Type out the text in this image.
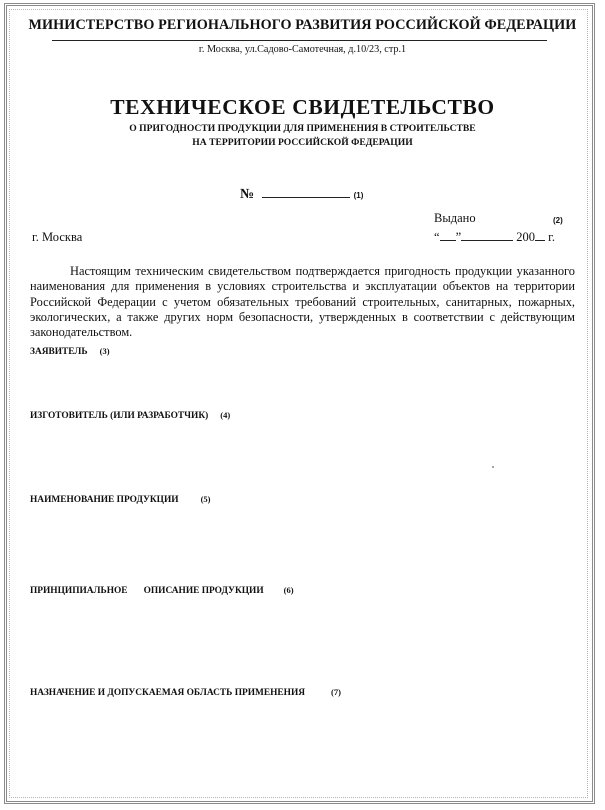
МИНИСТЕРСТВО РЕГИОНАЛЬНОГО РАЗВИТИЯ РОССИЙСКОЙ ФЕДЕРАЦИИ
г. Москва, ул.Садово-Самотечная, д.10/23, стр.1
ТЕХНИЧЕСКОЕ СВИДЕТЕЛЬСТВО
О ПРИГОДНОСТИ ПРОДУКЦИИ ДЛЯ ПРИМЕНЕНИЯ В СТРОИТЕЛЬСТВЕ
НА ТЕРРИТОРИИ РОССИЙСКОЙ ФЕДЕРАЦИИ
№	(1)
Выдано	(2)
г. Москва	“ ”	200 г.
Настоящим техническим свидетельством подтверждается пригодность продукции указанного наименования для применения в условиях строительства и эксплуатации объектов на территории Российской Федерации с учетом обязательных требований строительных, санитарных, пожарных, экологических, а также других норм безопасности, утвержденных в соответствии с действующим законодательством.
ЗАЯВИТЕЛЬ (3)
ИЗГОТОВИТЕЛЬ (ИЛИ РАЗРАБОТЧИК) (4)
НАИМЕНОВАНИЕ ПРОДУКЦИИ	(5)
ПРИНЦИПИАЛЬНОЕ ОПИСАНИЕ ПРОДУКЦИИ (6)
НАЗНАЧЕНИЕ И ДОПУСКАЕМАЯ ОБЛАСТЬ ПРИМЕНЕНИЯ	(7)
